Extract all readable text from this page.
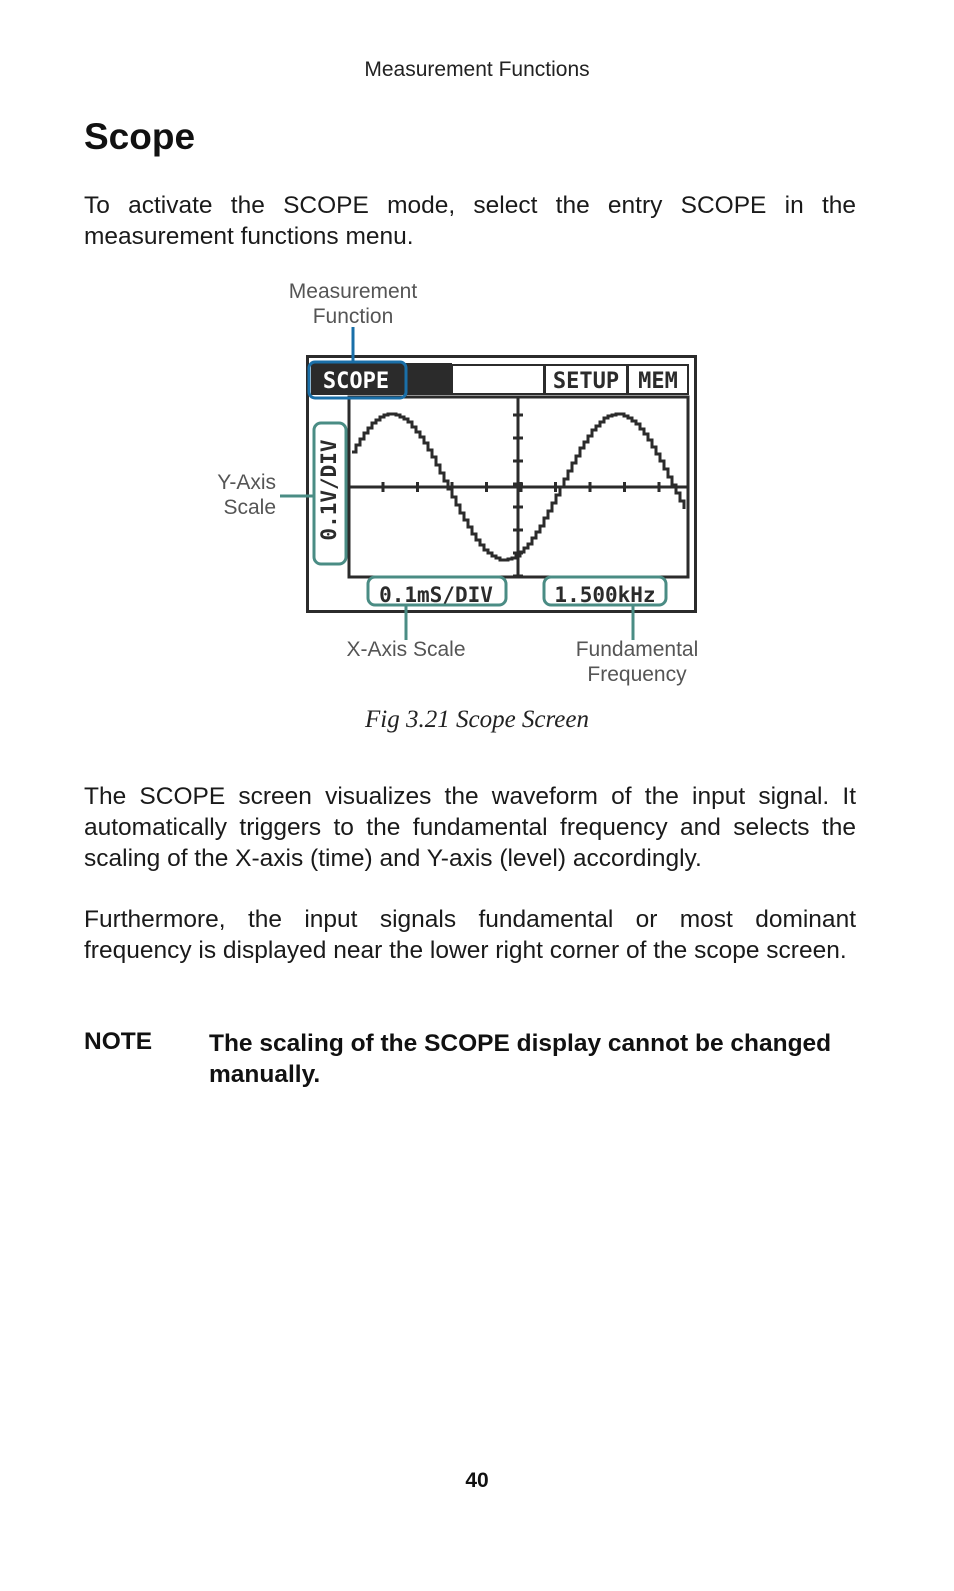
Measurement Functions
Scope

To activate the SCOPE mode, select the entry SCOPE in the measurement functions menu.

Measurement
Function
Y-Axis
Scale
X-Axis Scale	Fundamental
Frequency
SCOPE	SETUP MEM
0.1V/DIV
0.1mS/DIV	1.500kHz
Fig 3.21 Scope Screen

The SCOPE screen visualizes the waveform of the input signal. It automatically triggers to the fundamental frequency and selects the scaling of the X-axis (time) and Y-axis (level) accordingly.

Furthermore, the input signals fundamental or most dominant frequency is displayed near the lower right corner of the scope screen.

NOTE The scaling of the SCOPE display cannot be changed manually.

40
